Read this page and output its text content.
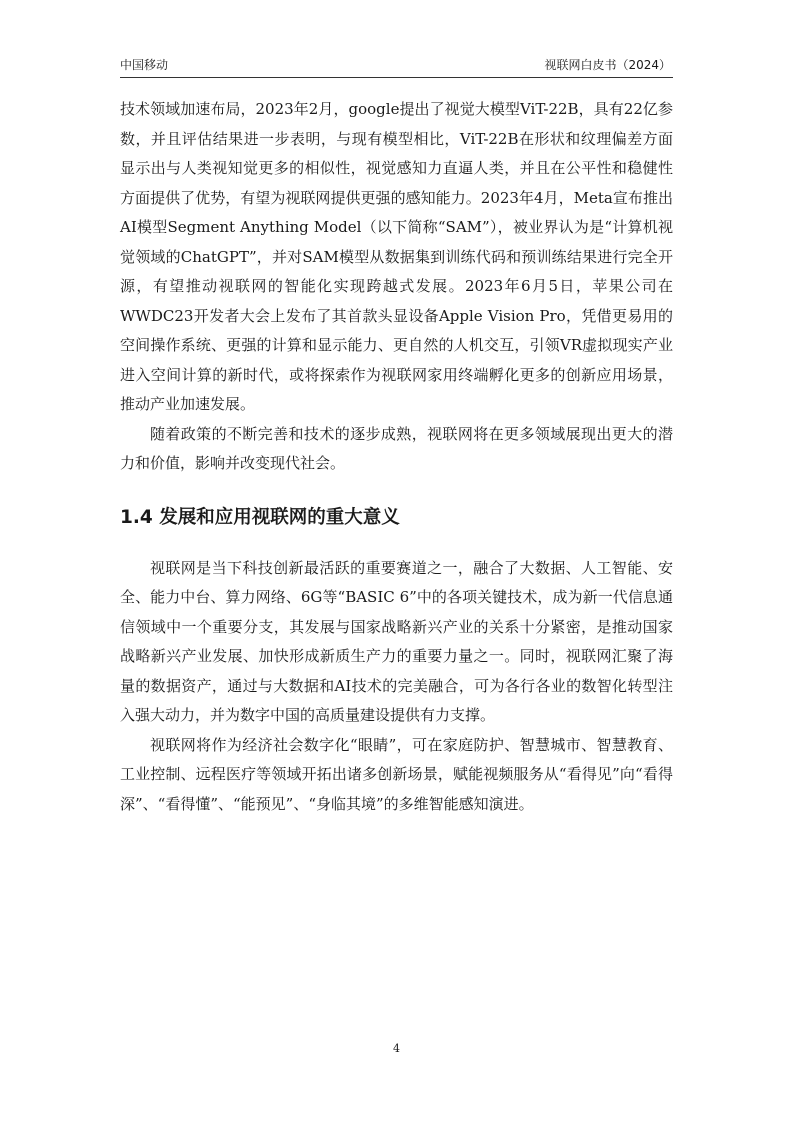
中国移动	视联网白皮书（2024）

技术领域加速布局，2023年2月，google提出了视觉大模型ViT-22B，具有22亿参数，并且评估结果进一步表明，与现有模型相比，ViT-22B在形状和纹理偏差方面显示出与人类视知觉更多的相似性，视觉感知力直逼人类，并且在公平性和稳健性方面提供了优势，有望为视联网提供更强的感知能力。2023年4月，Meta宣布推出AI模型Segment Anything Model（以下简称“SAM”），被业界认为是“计算机视觉领域的ChatGPT”，并对SAM模型从数据集到训练代码和预训练结果进行完全开源，有望推动视联网的智能化实现跨越式发展。2023年6月5日，苹果公司在WWDC23开发者大会上发布了其首款头显设备Apple Vision Pro，凭借更易用的空间操作系统、更强的计算和显示能力、更自然的人机交互，引领VR虚拟现实产业进入空间计算的新时代，或将探索作为视联网家用终端孵化更多的创新应用场景，推动产业加速发展。

随着政策的不断完善和技术的逐步成熟，视联网将在更多领域展现出更大的潜力和价值，影响并改变现代社会。

1.4 发展和应用视联网的重大意义

视联网是当下科技创新最活跃的重要赛道之一，融合了大数据、人工智能、安全、能力中台、算力网络、6G等“BASIC 6”中的各项关键技术，成为新一代信息通信领域中一个重要分支，其发展与国家战略新兴产业的关系十分紧密，是推动国家战略新兴产业发展、加快形成新质生产力的重要力量之一。同时，视联网汇聚了海量的数据资产，通过与大数据和AI技术的完美融合，可为各行各业的数智化转型注入强大动力，并为数字中国的高质量建设提供有力支撑。

视联网将作为经济社会数字化“眼睛”，可在家庭防护、智慧城市、智慧教育、工业控制、远程医疗等领域开拓出诸多创新场景，赋能视频服务从“看得见”向“看得深”、“看得懂”、“能预见”、“身临其境”的多维智能感知演进。

4
